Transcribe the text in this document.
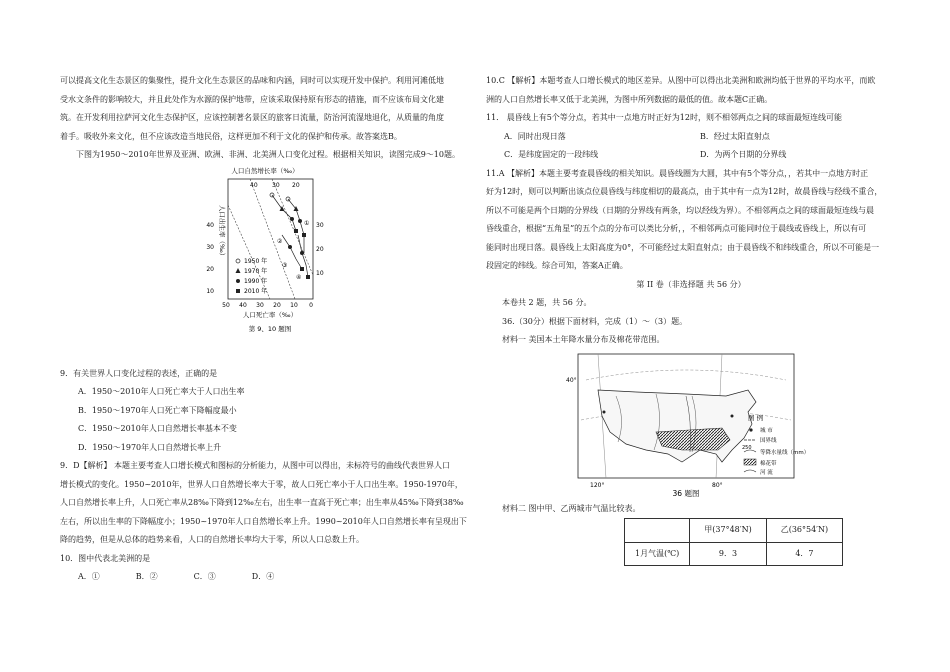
可以提高文化生态景区的集聚性，提升文化生态景区的品味和内涵，同时可以实现开发中保护。利用河滩低地

受水文条件的影响较大，并且此处作为水源的保护地带，应该采取保持原有形态的措施，而不应该布局文化建

筑。在开发利用拉萨河文化生态保护区，应该控制著名景区的旅客日流量，防治河流湿地退化，从质量的角度

着手。吸收外来文化，但不应该改造当地民俗，这样更加不利于文化的保护和传承。故答案选B。

下图为1950～2010年世界及亚洲、欧洲、非洲、北美洲人口变化过程。根据相关知识，读图完成9～10题。

人口自然增长率（‰）
40 30 20
30
20
10
人口出生率（‰）
40
30
20
10
50 40 30 20 10 0
人口死亡率（‰）
1950 年
1970 年
1990 年
2010 年
①
②
③
④
第 9、10 题图

9．有关世界人口变化过程的表述，正确的是

A．1950～2010年人口死亡率大于人口出生率
B．1950～1970年人口死亡率下降幅度最小
C．1950～2010年人口自然增长率基本不变
D．1950～1970年人口自然增长率上升

9．D【解析】 本题主要考查人口增长模式和图标的分析能力，从图中可以得出，未标符号的曲线代表世界人口

增长模式的变化。1950~2010年，世界人口自然增长率大于零，故人口死亡率小于人口出生率。1950-1970年，

人口自然增长率上升，人口死亡率从28‰下降到12‰左右，出生率一直高于死亡率；出生率从45‰下降到38‰

左右，所以出生率的下降幅度小；1950~1970年人口自然增长率上升。1990~2010年人口自然增长率有呈现出下

降的趋势，但是从总体的趋势来看，人口的自然增长率均大于零，所以人口总数上升。

10．图中代表北美洲的是

A．①	B．②	C．③	D．④

10.C 【解析】本题考查人口增长模式的地区差异。从图中可以得出北美洲和欧洲均低于世界的平均水平，而欧

洲的人口自然增长率又低于北美洲，为图中所列数据的最低的值。故本题C正确。

11． 晨昏线上有5个等分点，若其中一点地方时正好为12时，则不相邻两点之间的球面最短连线可能

A．同时出现日落	B．经过太阳直射点
C．是纬度固定的一段纬线	D．为两个日期的分界线

11.A 【解析】本题主要考查晨昏线的相关知识。晨昏线圈为大圆，其中有5个等分点，，若其中一点地方时正

好为12时，则可以判断出该点位晨昏线与纬度相切的最高点，由于其中有一点为12时，故晨昏线与经线不重合，

所以不可能是两个日期的分界线（日期的分界线有两条，均以经线为界）。不相邻两点之间的球面最短连线与晨

昏线重合，根据“五角星”的五个点的分布可以类比分析，，不相邻两点可能同时位于晨线或昏线上，所以有可

能同时出现日落。晨昏线上太阳高度为0°，不可能经过太阳直射点；由于晨昏线不和纬线重合，所以不可能是一

段固定的纬线。综合可知，答案A正确。

第 II 卷（非选择题 共 56 分）

本卷共 2 题，共 56 分。

36.（30分）根据下面材料，完成（1）～（3）题。

材料一 美国本土年降水量分布及棉花带范围。

40°
120°	80°
图 例
城 市
国界线
250
等降水量线（mm）
棉花带
河 流
36 题图

材料二 图中甲、乙两城市气温比较表。

	甲(37°48′N)	乙(36°54′N)
1月气温(℃)	9．3	4．7
